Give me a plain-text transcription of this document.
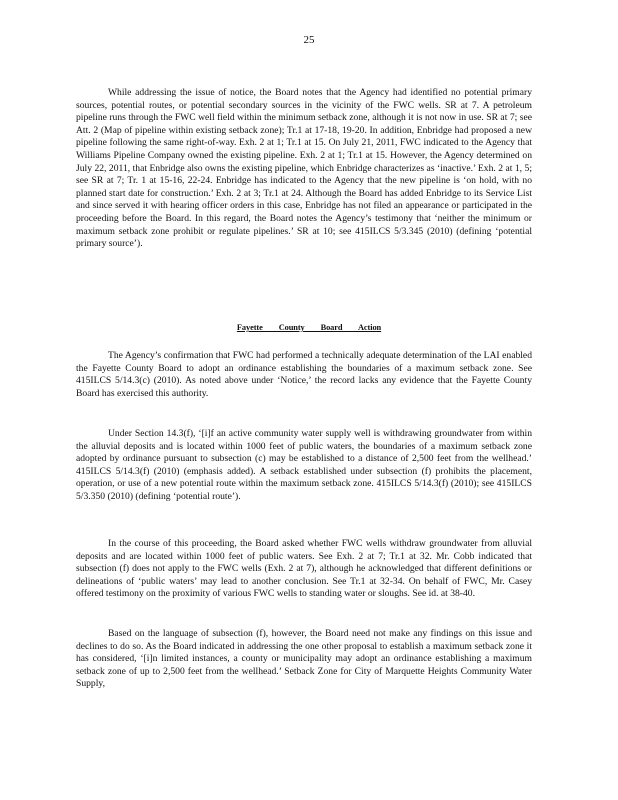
25

While addressing the issue of notice, the Board notes that the Agency had identified no potential primary sources, potential routes, or potential secondary sources in the vicinity of the FWC wells. SR at 7. A petroleum pipeline runs through the FWC well field within the minimum setback zone, although it is not now in use. SR at 7; see Att. 2 (Map of pipeline within existing setback zone); Tr.1 at 17-18, 19-20. In addition, Enbridge had proposed a new pipeline following the same right-of-way. Exh. 2 at 1; Tr.1 at 15. On July 21, 2011, FWC indicated to the Agency that Williams Pipeline Company owned the existing pipeline. Exh. 2 at 1; Tr.1 at 15. However, the Agency determined on July 22, 2011, that Enbridge also owns the existing pipeline, which Enbridge characterizes as ‘inactive.’ Exh. 2 at 1, 5; see SR at 7; Tr. 1 at 15-16, 22-24. Enbridge has indicated to the Agency that the new pipeline is ‘on hold, with no planned start date for construction.’ Exh. 2 at 3; Tr.1 at 24. Although the Board has added Enbridge to its Service List and since served it with hearing officer orders in this case, Enbridge has not filed an appearance or participated in the proceeding before the Board. In this regard, the Board notes the Agency’s testimony that ‘neither the minimum or maximum setback zone prohibit or regulate pipelines.’ SR at 10; see 415ILCS 5/3.345 (2010) (defining ‘potential primary source’).

Fayette County Board Action

The Agency’s confirmation that FWC had performed a technically adequate determination of the LAI enabled the Fayette County Board to adopt an ordinance establishing the boundaries of a maximum setback zone. See 415ILCS 5/14.3(c) (2010). As noted above under ‘Notice,’ the record lacks any evidence that the Fayette County Board has exercised this authority.

Under Section 14.3(f), ‘[i]f an active community water supply well is withdrawing groundwater from within the alluvial deposits and is located within 1000 feet of public waters, the boundaries of a maximum setback zone adopted by ordinance pursuant to subsection (c) may be established to a distance of 2,500 feet from the wellhead.’ 415ILCS 5/14.3(f) (2010) (emphasis added). A setback established under subsection (f) prohibits the placement, operation, or use of a new potential route within the maximum setback zone. 415ILCS 5/14.3(f) (2010); see 415ILCS 5/3.350 (2010) (defining ‘potential route’).

In the course of this proceeding, the Board asked whether FWC wells withdraw groundwater from alluvial deposits and are located within 1000 feet of public waters. See Exh. 2 at 7; Tr.1 at 32. Mr. Cobb indicated that subsection (f) does not apply to the FWC wells (Exh. 2 at 7), although he acknowledged that different definitions or delineations of ‘public waters’ may lead to another conclusion. See Tr.1 at 32-34. On behalf of FWC, Mr. Casey offered testimony on the proximity of various FWC wells to standing water or sloughs. See id. at 38-40.

Based on the language of subsection (f), however, the Board need not make any findings on this issue and declines to do so. As the Board indicated in addressing the one other proposal to establish a maximum setback zone it has considered, ‘[i]n limited instances, a county or municipality may adopt an ordinance establishing a maximum setback zone of up to 2,500 feet from the wellhead.’ Setback Zone for City of Marquette Heights Community Water Supply,
